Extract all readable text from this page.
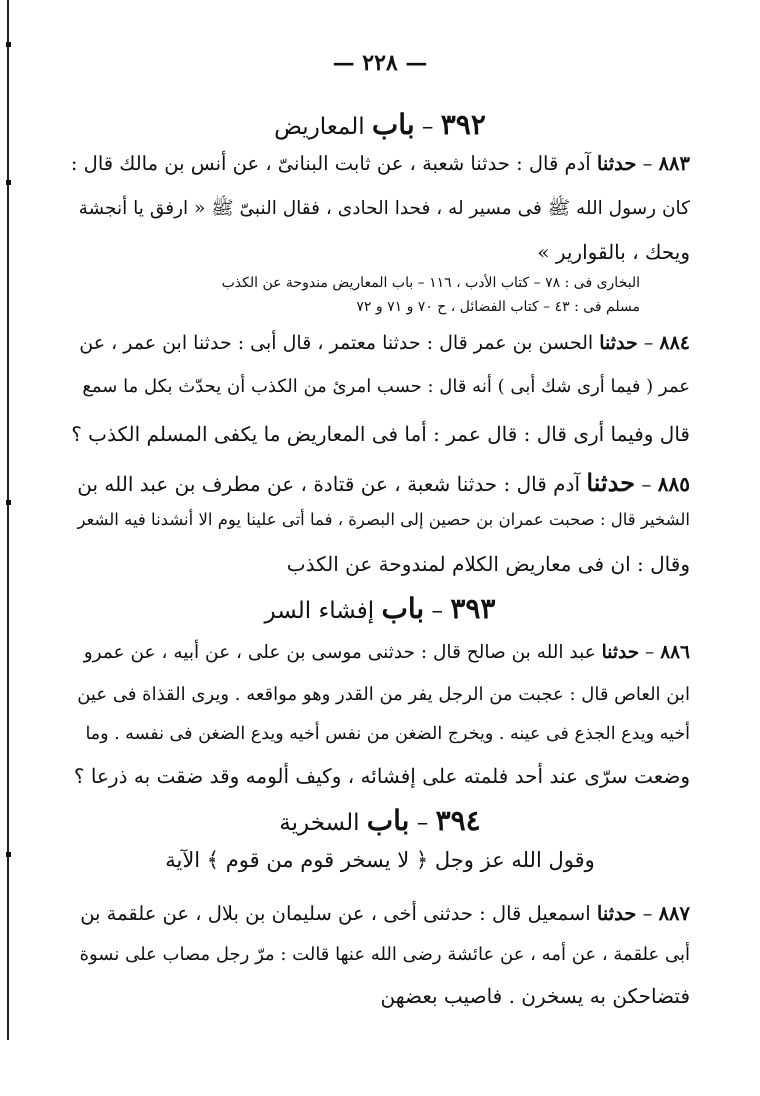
— ٢٢٨ —
٣٩٢ – باب المعاريض
٨٨٣ – حدثنا آدم قال : حدثنا شعبة ، عن ثابت البنانىّ ، عن أنس بن مالك قال :
كان رسول الله ﷺ فى مسير له ، فحدا الحادى ، فقال النبىّ ﷺ « ارفق يا أنجشة
ويحك ، بالقوارير »
البخارى فى : ٧٨ – كتاب الأدب ، ١١٦ – باب المعاريض مندوحة عن الكذب
مسلم فى : ٤٣ – كتاب الفضائل ، ح ٧٠ و ٧١ و ٧٢
٨٨٤ – حدثنا الحسن بن عمر قال : حدثنا معتمر ، قال أبى : حدثنا ابن عمر ، عن
عمر ( فيما أرى شك أبى ) أنه قال : حسب امرئ من الكذب أن يحدّث بكل ما سمع
قال وفيما أرى قال : قال عمر : أما فى المعاريض ما يكفى المسلم الكذب ؟
٨٨٥ – حدثنا آدم قال : حدثنا شعبة ، عن قتادة ، عن مطرف بن عبد الله بن
الشخير قال : صحبت عمران بن حصين إلى البصرة ، فما أتى علينا يوم الا أنشدنا فيه الشعر
وقال : ان فى معاريض الكلام لمندوحة عن الكذب
٣٩٣ – باب إفشاء السر
٨٨٦ – حدثنا عبد الله بن صالح قال : حدثنى موسى بن على ، عن أبيه ، عن عمرو
ابن العاص قال : عجبت من الرجل يفر من القدر وهو مواقعه . ويرى القذاة فى عين
أخيه ويدع الجذع فى عينه . ويخرج الضغن من نفس أخيه ويدع الضغن فى نفسه . وما
وضعت سرّى عند أحد فلمته على إفشائه ، وكيف ألومه وقد ضقت به ذرعا ؟
٣٩٤ – باب السخرية
وقول الله عز وجل ﴿ لا يسخر قوم من قوم ﴾ الآية
٨٨٧ – حدثنا اسمعيل قال : حدثنى أخى ، عن سليمان بن بلال ، عن علقمة بن
أبى علقمة ، عن أمه ، عن عائشة رضى الله عنها قالت : مرّ رجل مصاب على نسوة
فتضاحكن به يسخرن . فاصيب بعضهن
